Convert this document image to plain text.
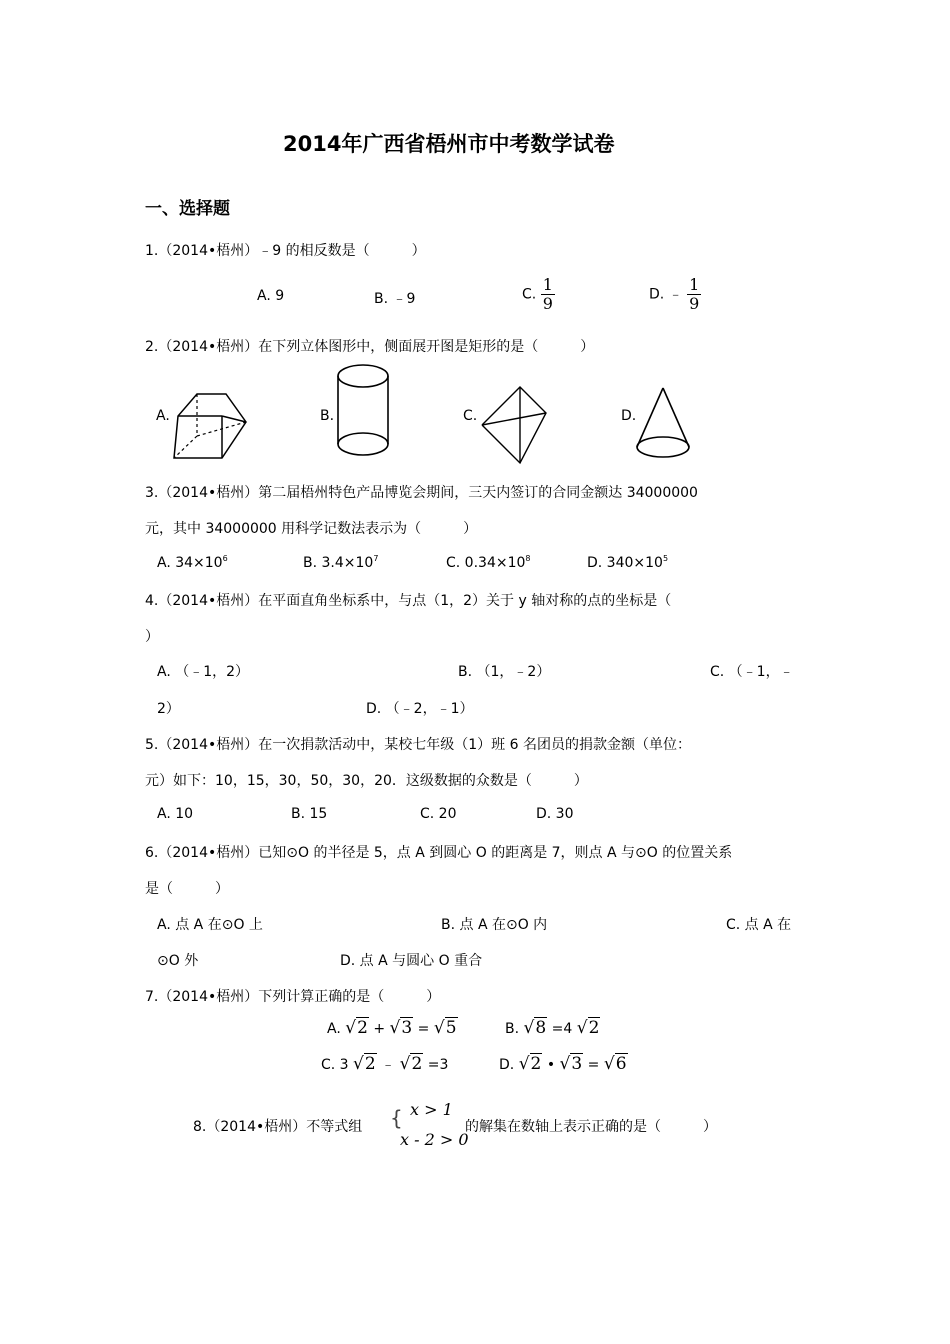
2014年广西省梧州市中考数学试卷
一、选择题
1.（2014•梧州）﹣9 的相反数是（　　　）
A. 9	B. ﹣9	C. $\frac{1}{9}$	D. ﹣ $\frac{1}{9}$
2.（2014•梧州）在下列立体图形中，侧面展开图是矩形的是（　　　）
A.	B.	C.	D.
3.（2014•梧州）第二届梧州特色产品博览会期间，三天内签订的合同金额达 34000000
元，其中 34000000 用科学记数法表示为（　　　）
A. $34\times 10^6$	B. $3.4\times 10^7$	C. $0.34\times 10^8$	D. $340\times 10^5$
4.（2014•梧州）在平面直角坐标系中，与点（1，2）关于 y 轴对称的点的坐标是（
）
A. （﹣1，2）	B. （1，﹣2）	C. （﹣1，﹣
2）	D. （﹣2，﹣1）
5.（2014•梧州）在一次捐款活动中，某校七年级（1）班 6 名团员的捐款金额（单位：
元）如下：10，15，30，50，30，20．这级数据的众数是（　　　）
A. 10	B. 15	C. 20	D. 30
6.（2014•梧州）已知⊙O 的半径是 5，点 A 到圆心 O 的距离是 7，则点 A 与⊙O 的位置关系
是（　　　）
A. 点 A 在⊙O 上	B. 点 A 在⊙O 内	C. 点 A 在
⊙O 外	D. 点 A 与圆心 O 重合
7.（2014•梧州）下列计算正确的是（　　　）
A. √2 + √3 = √5	B. √8 =4 √2
C. 3 √2 ﹣ √2 =3	D. √2 • √3 = √6
8.（2014•梧州）不等式组 { x > 1
x - 2 > 0
的解集在数轴上表示正确的是（　　　）
